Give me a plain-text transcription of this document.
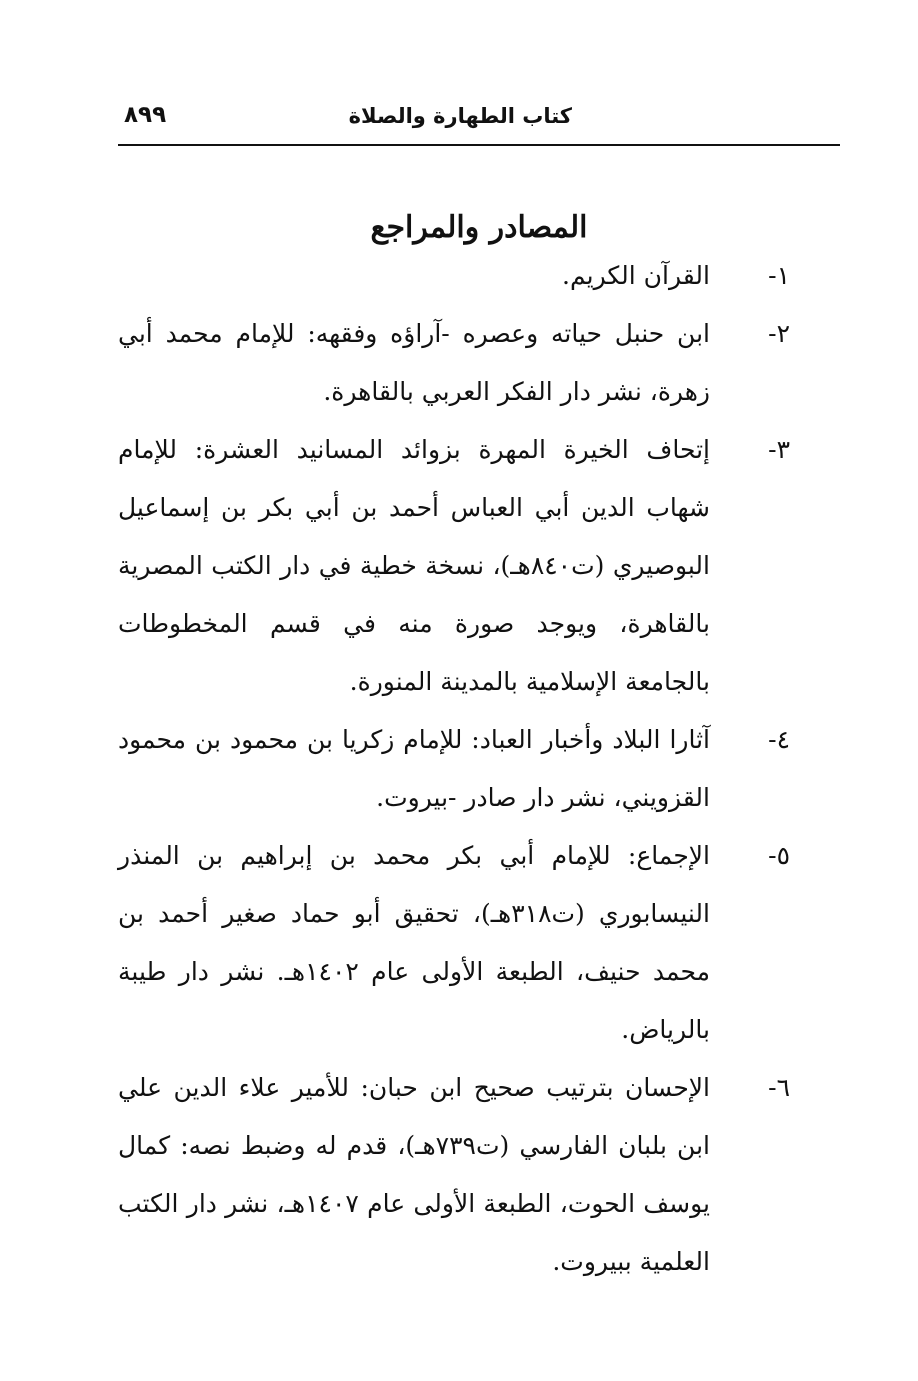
كتاب الطهارة والصلاة
٨٩٩
المصادر والمراجع
١-
القرآن الكريم.
٢-
ابن حنبل حياته وعصره -آراؤه وفقهه: للإمام محمد أبي زهرة، نشر دار الفكر العربي بالقاهرة.
٣-
إتحاف الخيرة المهرة بزوائد المسانيد العشرة: للإمام شهاب الدين أبي العباس أحمد بن أبي بكر بن إسماعيل البوصيري (ت٨٤٠هـ)، نسخة خطية في دار الكتب المصرية بالقاهرة، ويوجد صورة منه في قسم المخطوطات بالجامعة الإسلامية بالمدينة المنورة.
٤-
آثارا البلاد وأخبار العباد: للإمام زكريا بن محمود بن محمود القزويني، نشر دار صادر -بيروت.
٥-
الإجماع: للإمام أبي بكر محمد بن إبراهيم بن المنذر النيسابوري (ت٣١٨هـ)، تحقيق أبو حماد صغير أحمد بن محمد حنيف، الطبعة الأولى عام ١٤٠٢هـ. نشر دار طيبة بالرياض.
٦-
الإحسان بترتيب صحيح ابن حبان: للأمير علاء الدين علي ابن بلبان الفارسي (ت٧٣٩هـ)، قدم له وضبط نصه: كمال يوسف الحوت، الطبعة الأولى عام ١٤٠٧هـ، نشر دار الكتب العلمية ببيروت.
